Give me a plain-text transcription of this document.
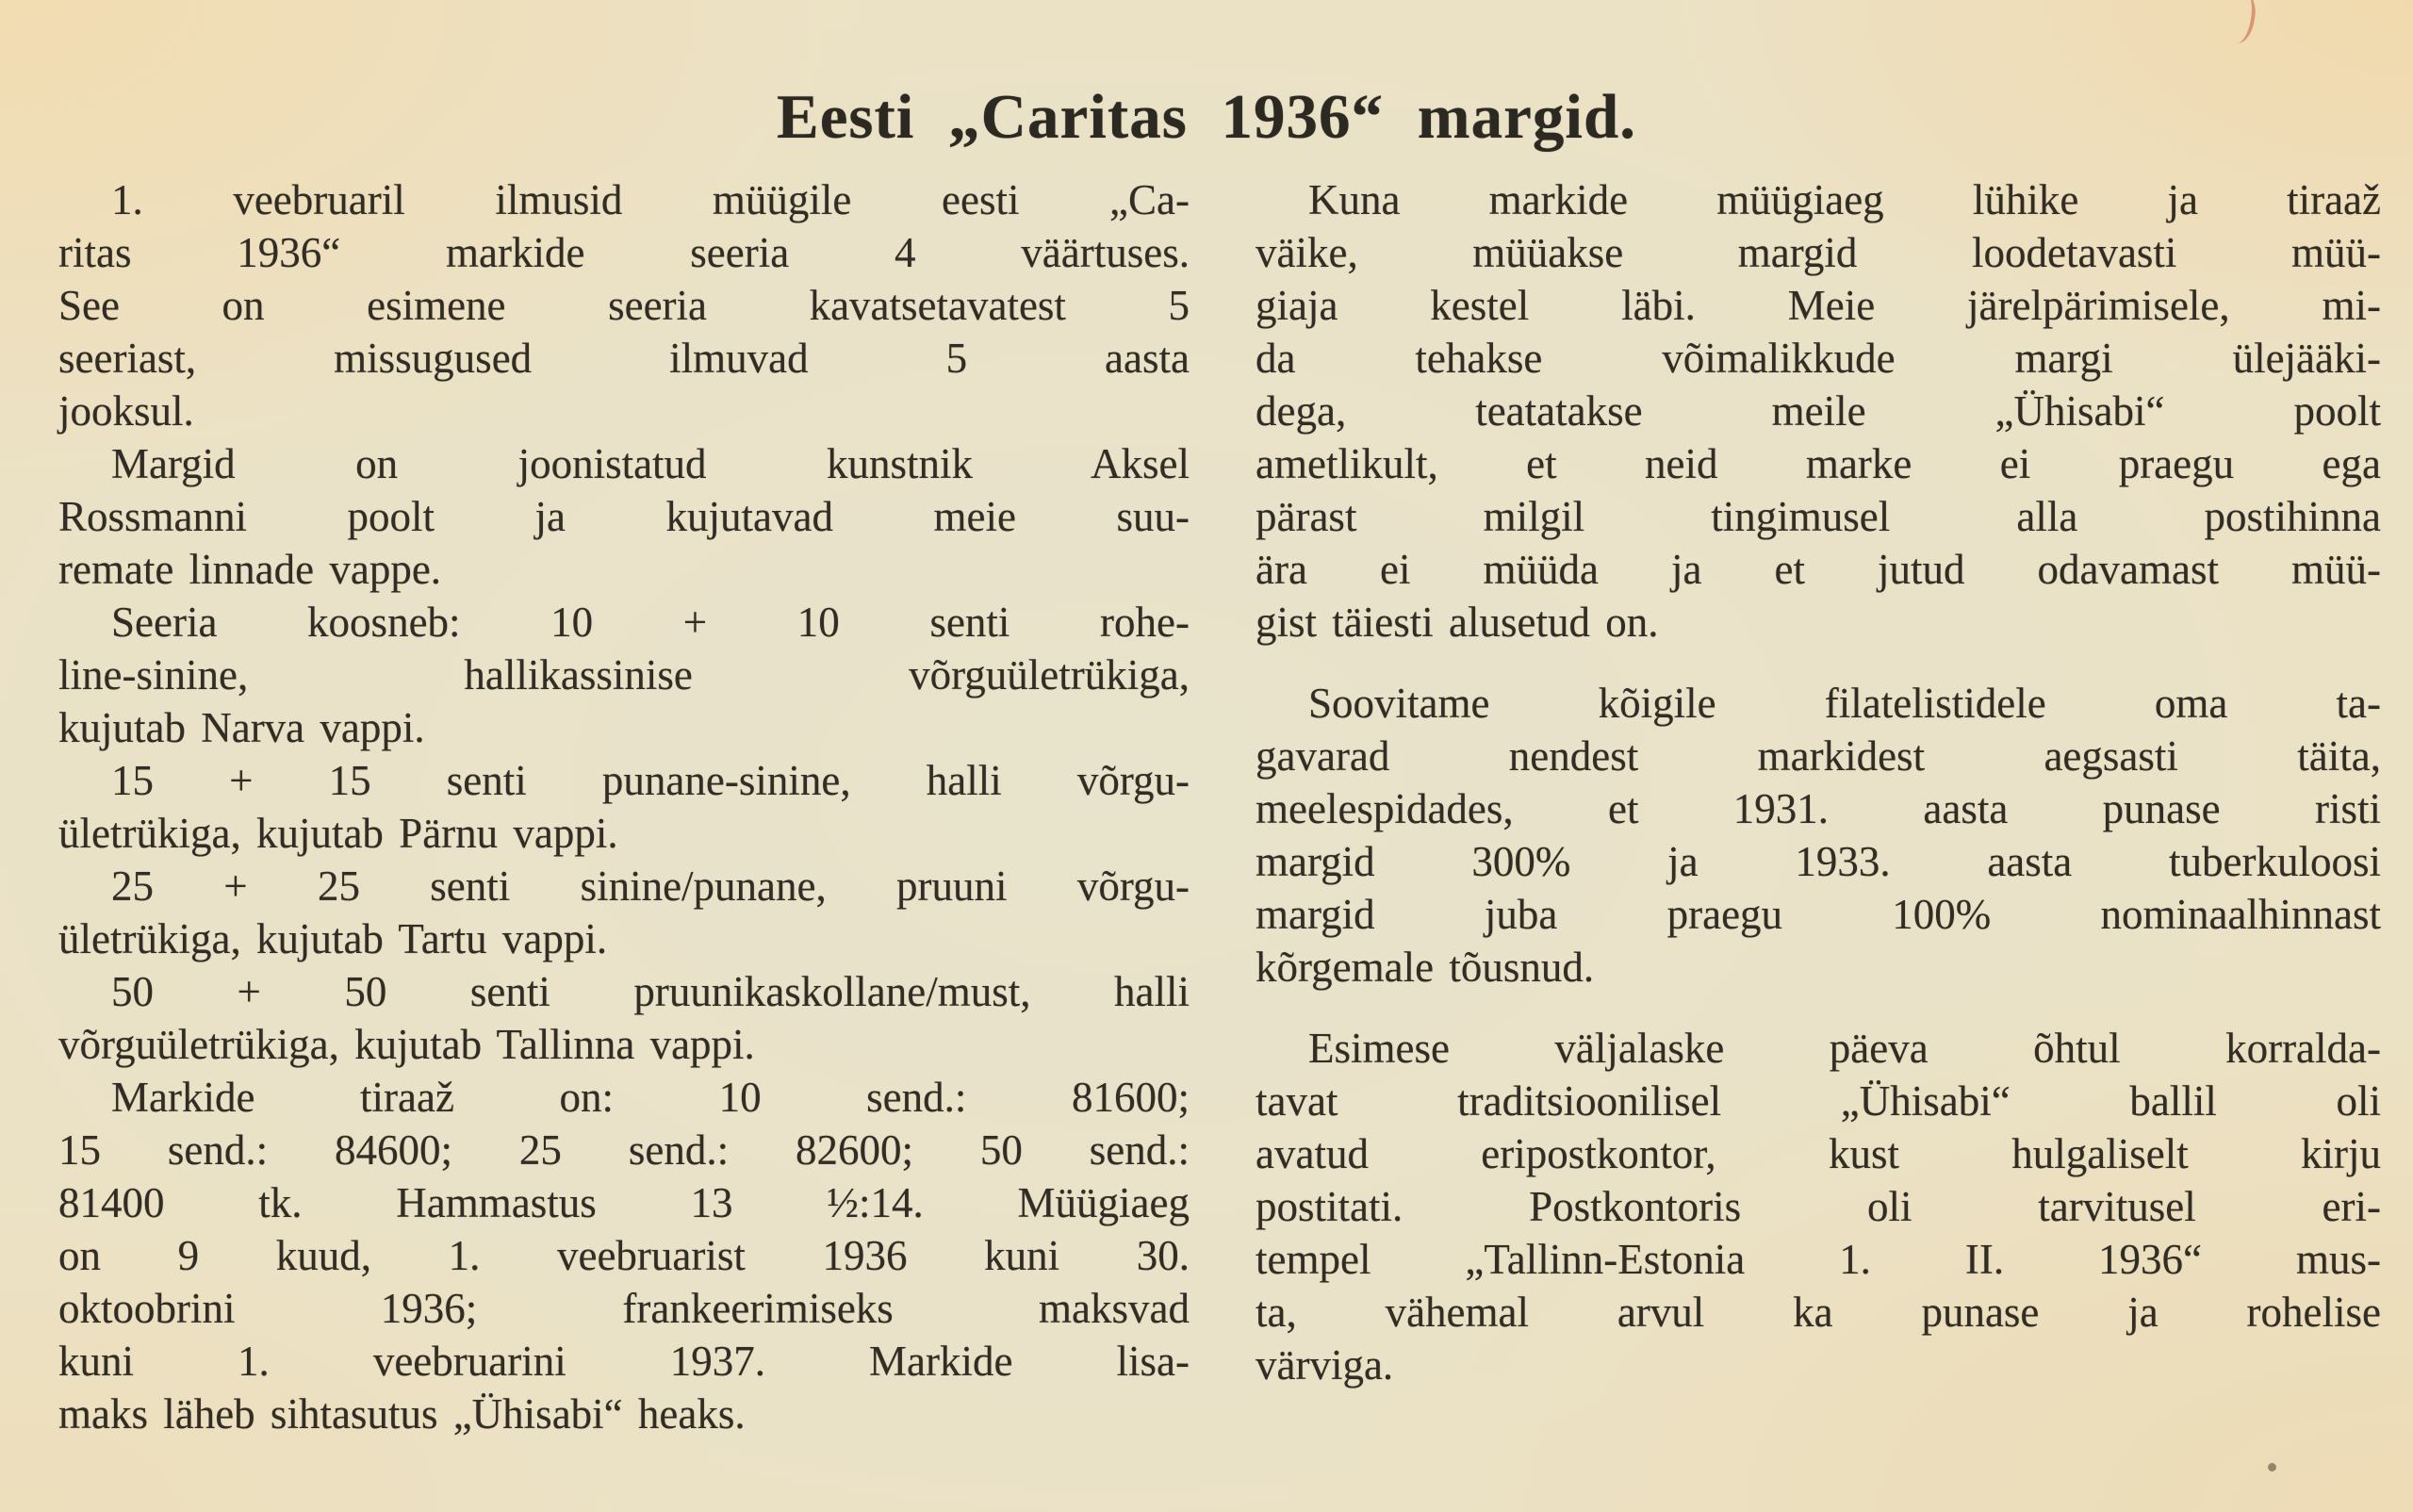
Eesti „Caritas 1936“ margid.

1. veebruaril ilmusid müügile eesti „Ca-
ritas 1936“ markide seeria 4 väärtuses.
See on esimene seeria kavatsetavatest 5
seeriast, missugused ilmuvad 5 aasta
jooksul.

Margid on joonistatud kunstnik Aksel
Rossmanni poolt ja kujutavad meie suu-
remate linnade vappe.

Seeria koosneb: 10 + 10 senti rohe-
line-sinine, hallikassinise võrguületrükiga,
kujutab Narva vappi.

15 + 15 senti punane-sinine, halli võrgu-
ületrükiga, kujutab Pärnu vappi.

25 + 25 senti sinine/punane, pruuni võrgu-
ületrükiga, kujutab Tartu vappi.

50 + 50 senti pruunikaskollane/must, halli
võrguületrükiga, kujutab Tallinna vappi.

Markide tiraaž on: 10 send.: 81600;
15 send.: 84600; 25 send.: 82600; 50 send.:
81400 tk. Hammastus 13 ½:14. Müügiaeg
on 9 kuud, 1. veebruarist 1936 kuni 30.
oktoobrini 1936; frankeerimiseks maksvad
kuni 1. veebruarini 1937. Markide lisa-
maks läheb sihtasutus „Ühisabi“ heaks.

Kuna markide müügiaeg lühike ja tiraaž
väike, müüakse margid loodetavasti müü-
giaja kestel läbi. Meie järelpärimisele, mi-
da tehakse võimalikkude margi ülejääki-
dega, teatatakse meile „Ühisabi“ poolt
ametlikult, et neid marke ei praegu ega
pärast milgil tingimusel alla postihinna
ära ei müüda ja et jutud odavamast müü-
gist täiesti alusetud on.

Soovitame kõigile filatelistidele oma ta-
gavarad nendest markidest aegsasti täita,
meelespidades, et 1931. aasta punase risti
margid 300% ja 1933. aasta tuberkuloosi
margid juba praegu 100% nominaalhinnast
kõrgemale tõusnud.

Esimese väljalaske päeva õhtul korralda-
tavat traditsioonilisel „Ühisabi“ ballil oli
avatud eripostkontor, kust hulgaliselt kirju
postitati. Postkontoris oli tarvitusel eri-
tempel „Tallinn-Estonia 1. II. 1936“ mus-
ta, vähemal arvul ka punase ja rohelise
värviga.
